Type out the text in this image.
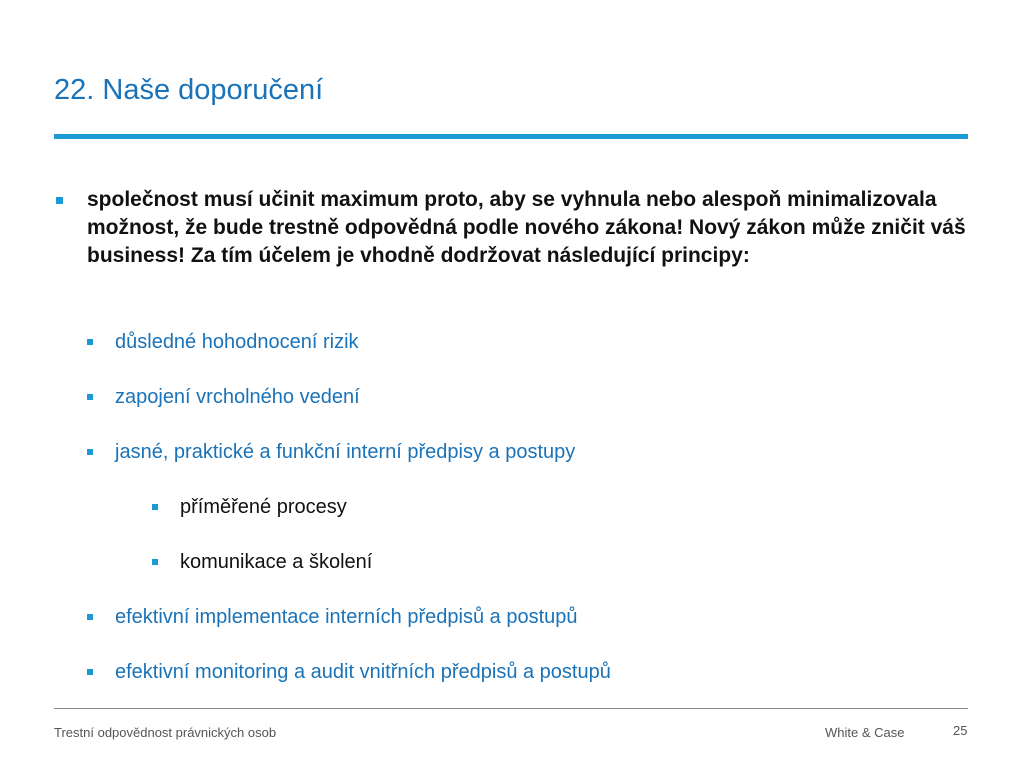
22. Naše doporučení

společnost musí učinit maximum proto, aby se vyhnula nebo alespoň minimalizovala možnost, že bude trestně odpovědná podle nového zákona! Nový zákon může zničit váš business! Za tím účelem je vhodně dodržovat následující principy:

důsledné hohodnocení rizik
zapojení vrcholného vedení
jasné, praktické a funkční interní předpisy a postupy
příměřené procesy
komunikace a školení
efektivní implementace interních předpisů a postupů
efektivní monitoring a audit vnitřních předpisů a postupů
Trestní odpovědnost právnických osob	White & Case	25
